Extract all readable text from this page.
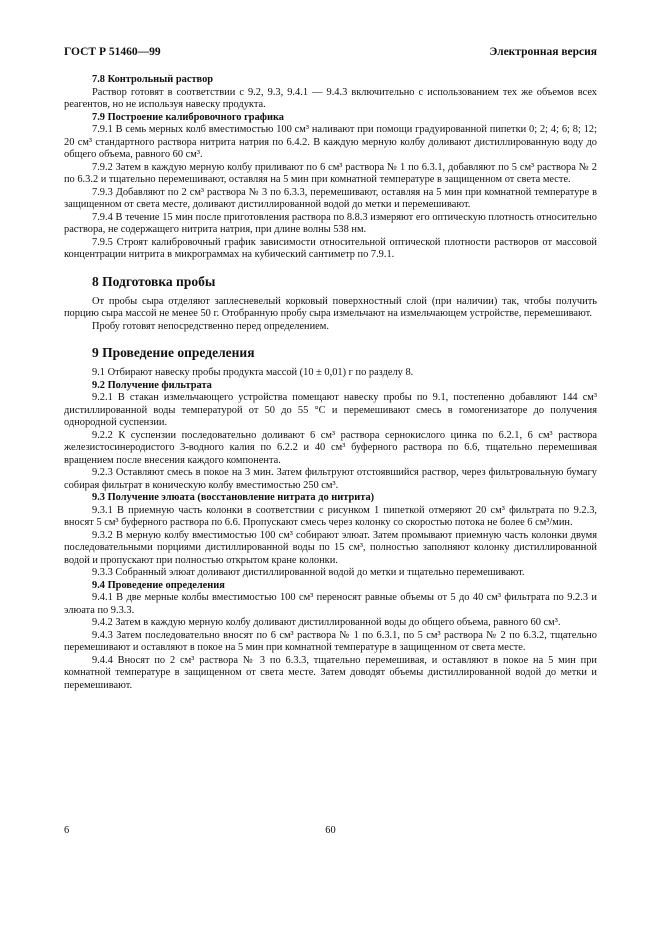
ГОСТ Р 51460—99	Электронная версия

7.8 Контрольный раствор

Раствор готовят в соответствии с 9.2, 9.3, 9.4.1 — 9.4.3 включительно с использованием тех же объемов всех реагентов, но не используя навеску продукта.

7.9 Построение калибровочного графика

7.9.1 В семь мерных колб вместимостью 100 см³ наливают при помощи градуированной пипетки 0; 2; 4; 6; 8; 12; 20 см³ стандартного раствора нитрита натрия по 6.4.2. В каждую мерную колбу доливают дистиллированную воду до общего объема, равного 60 см³.

7.9.2 Затем в каждую мерную колбу приливают по 6 см³ раствора № 1 по 6.3.1, добавляют по 5 см³ раствора № 2 по 6.3.2 и тщательно перемешивают, оставляя на 5 мин при комнатной температуре в защищенном от света месте.

7.9.3 Добавляют по 2 см³ раствора № 3 по 6.3.3, перемешивают, оставляя на 5 мин при комнатной температуре в защищенном от света месте, доливают дистиллированной водой до метки и перемешивают.

7.9.4 В течение 15 мин после приготовления раствора по 8.8.3 измеряют его оптическую плотность относительно раствора, не содержащего нитрита натрия, при длине волны 538 нм.

7.9.5 Строят калибровочный график зависимости относительной оптической плотности растворов от массовой концентрации нитрита в микрограммах на кубический сантиметр по 7.9.1.

8 Подготовка пробы

От пробы сыра отделяют заплесневелый корковый поверхностный слой (при наличии) так, чтобы получить порцию сыра массой не менее 50 г. Отобранную пробу сыра измельчают на измельчающем устройстве, перемешивают.

Пробу готовят непосредственно перед определением.

9 Проведение определения

9.1 Отбирают навеску пробы продукта массой (10 ± 0,01) г по разделу 8.

9.2 Получение фильтрата

9.2.1 В стакан измельчающего устройства помещают навеску пробы по 9.1, постепенно добавляют 144 см³ дистиллированной воды температурой от 50 до 55 °С и перемешивают смесь в гомогенизаторе до получения однородной суспензии.

9.2.2 К суспензии последовательно доливают 6 см³ раствора сернокислого цинка по 6.2.1, 6 см³ раствора железистосинеродистого 3-водного калия по 6.2.2 и 40 см³ буферного раствора по 6.6, тщательно перемешивая вращением после внесения каждого компонента.

9.2.3 Оставляют смесь в покое на 3 мин. Затем фильтруют отстоявшийся раствор, через фильтровальную бумагу собирая фильтрат в коническую колбу вместимостью 250 см³.

9.3 Получение элюата (восстановление нитрата до нитрита)

9.3.1 В приемную часть колонки в соответствии с рисунком 1 пипеткой отмеряют 20 см³ фильтрата по 9.2.3, вносят 5 см³ буферного раствора по 6.6. Пропускают смесь через колонку со скоростью потока не более 6 см³/мин.

9.3.2 В мерную колбу вместимостью 100 см³ собирают элюат. Затем промывают приемную часть колонки двумя последовательными порциями дистиллированной воды по 15 см³, полностью заполняют колонку дистиллированной водой и пропускают при полностью открытом кране колонки.

9.3.3 Собранный элюат доливают дистиллированной водой до метки и тщательно перемешивают.

9.4 Проведение определения

9.4.1 В две мерные колбы вместимостью 100 см³ переносят равные объемы от 5 до 40 см³ фильтрата по 9.2.3 и элюата по 9.3.3.

9.4.2 Затем в каждую мерную колбу доливают дистиллированной воды до общего объема, равного 60 см³.

9.4.3 Затем последовательно вносят по 6 см³ раствора № 1 по 6.3.1, по 5 см³ раствора № 2 по 6.3.2, тщательно перемешивают и оставляют в покое на 5 мин при комнатной температуре в защищенном от света месте.

9.4.4 Вносят по 2 см³ раствора № 3 по 6.3.3, тщательно перемешивая, и оставляют в покое на 5 мин при комнатной температуре в защищенном от света месте. Затем доводят объемы дистиллированной водой до метки и перемешивают.

6	60
